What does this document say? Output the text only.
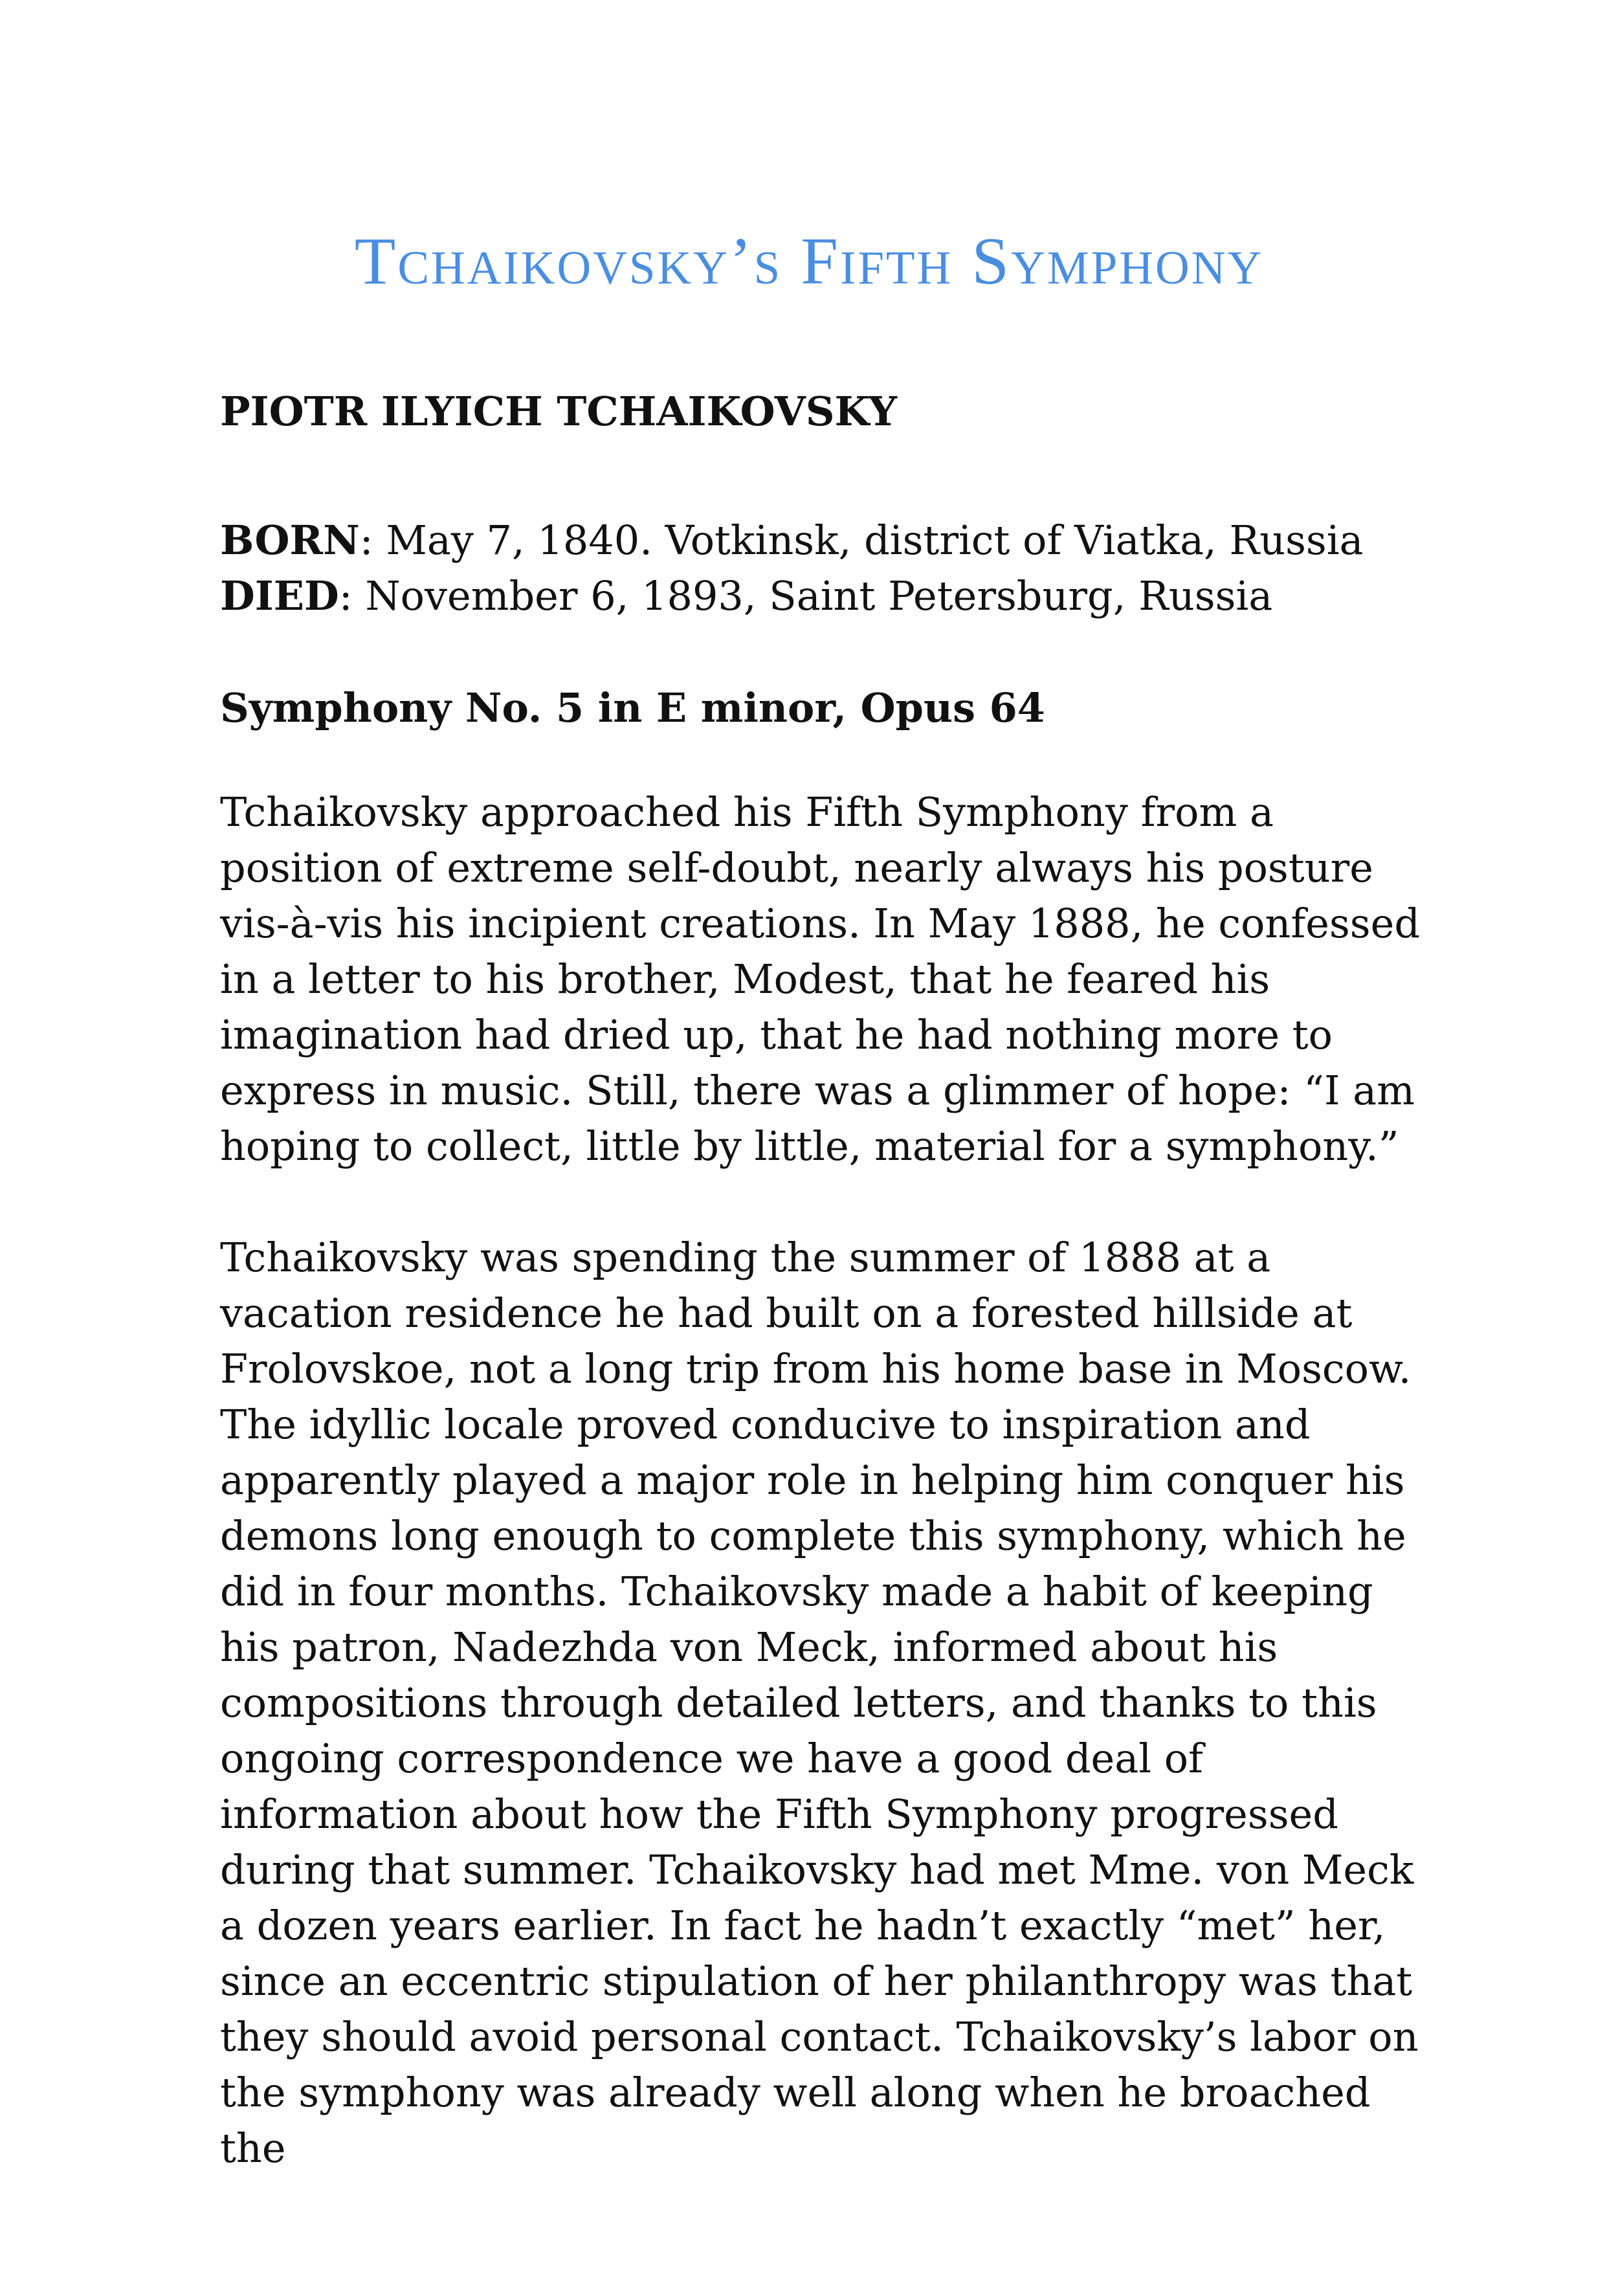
Tchaikovsky’s Fifth Symphony
PIOTR ILYICH TCHAIKOVSKY
BORN: May 7, 1840. Votkinsk, district of Viatka, Russia
DIED: November 6, 1893, Saint Petersburg, Russia
Symphony No. 5 in E minor, Opus 64

Tchaikovsky approached his Fifth Symphony from a position of extreme self-doubt, nearly always his posture vis-à-vis his incipient creations. In May 1888, he confessed in a letter to his brother, Modest, that he feared his imagination had dried up, that he had nothing more to express in music. Still, there was a glimmer of hope: “I am hoping to collect, little by little, material for a symphony.”

Tchaikovsky was spending the summer of 1888 at a vacation residence he had built on a forested hillside at Frolovskoe, not a long trip from his home base in Moscow. The idyllic locale proved conducive to inspiration and apparently played a major role in helping him conquer his demons long enough to complete this symphony, which he did in four months. Tchaikovsky made a habit of keeping his patron, Nadezhda von Meck, informed about his compositions through detailed letters, and thanks to this ongoing correspondence we have a good deal of information about how the Fifth Symphony progressed during that summer. Tchaikovsky had met Mme. von Meck a dozen years earlier. In fact he hadn’t exactly “met” her, since an eccentric stipulation of her philanthropy was that they should avoid personal contact. Tchaikovsky’s labor on the symphony was already well along when he broached the
